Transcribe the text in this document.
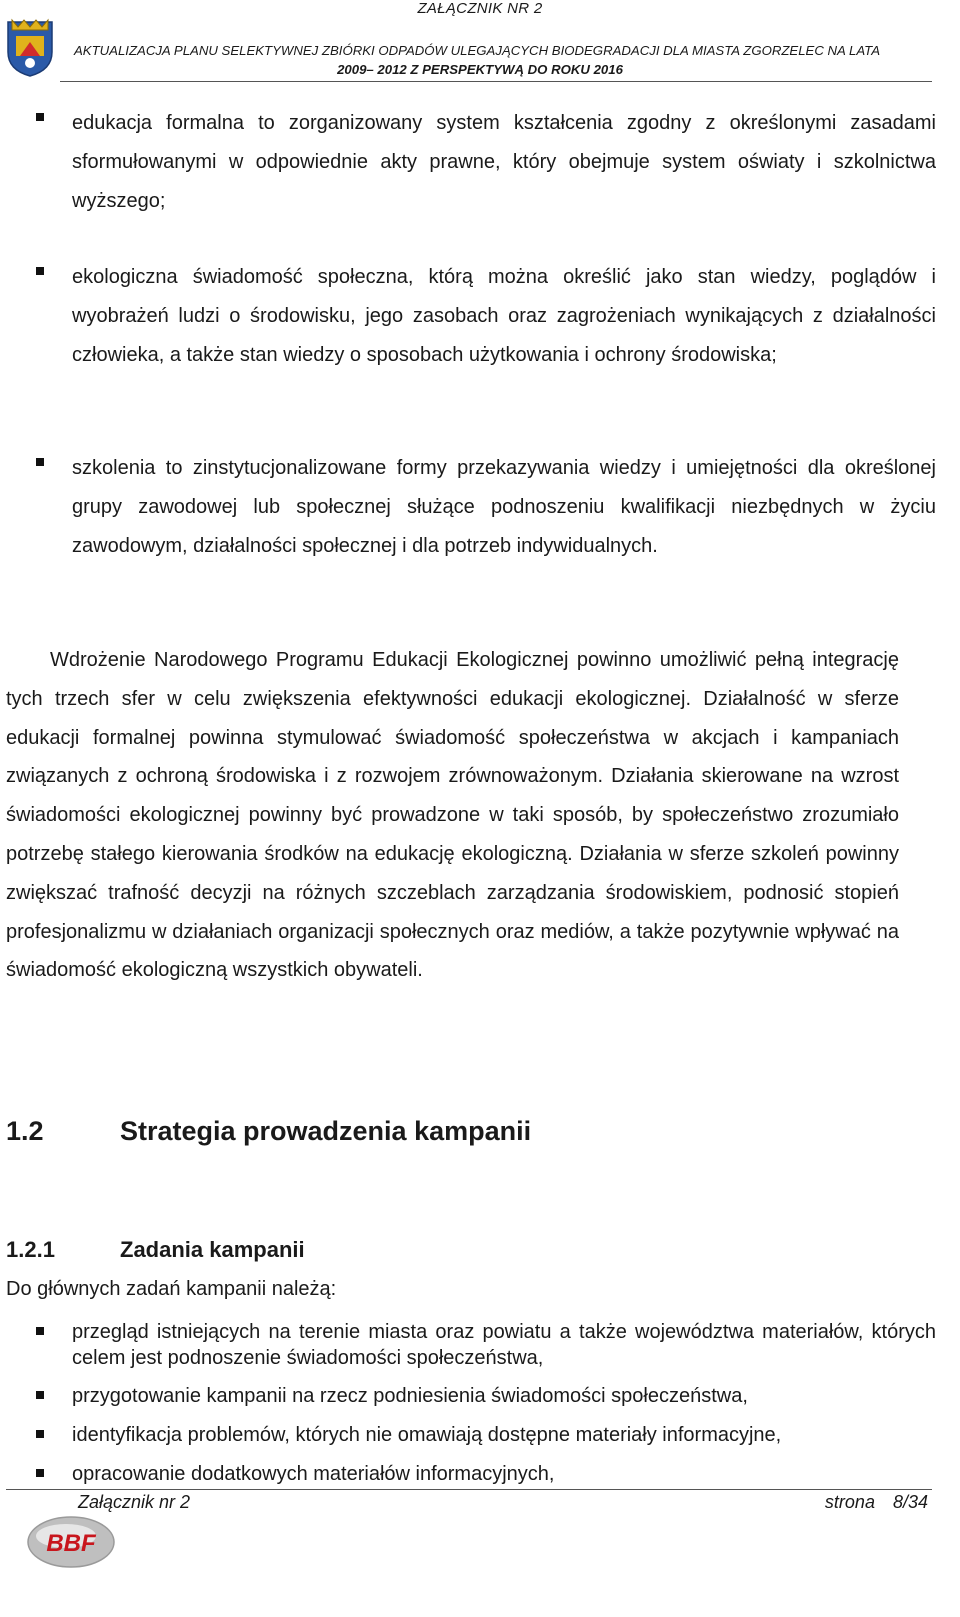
ZAŁĄCZNIK NR 2
AKTUALIZACJA PLANU SELEKTYWNEJ ZBIÓRKI ODPADÓW ULEGAJĄCYCH BIODEGRADACJI DLA MIASTA ZGORZELEC NA LATA
2009– 2012 Z PERSPEKTYWĄ DO ROKU 2016
edukacja formalna to zorganizowany system kształcenia zgodny z określonymi zasadami sformułowanymi w odpowiednie akty prawne, który obejmuje system oświaty i szkolnictwa wyższego;
ekologiczna świadomość społeczna, którą można określić jako stan wiedzy, poglądów i wyobrażeń ludzi o środowisku, jego zasobach oraz zagrożeniach wynikających z działalności człowieka, a także stan wiedzy o sposobach użytkowania i ochrony środowiska;
szkolenia to zinstytucjonalizowane formy przekazywania wiedzy i umiejętności dla określonej grupy zawodowej lub społecznej służące podnoszeniu kwalifikacji niezbędnych w życiu zawodowym, działalności społecznej i dla potrzeb indywidualnych.

Wdrożenie Narodowego Programu Edukacji Ekologicznej powinno umożliwić pełną integrację tych trzech sfer w celu zwiększenia efektywności edukacji ekologicznej. Działalność w sferze edukacji formalnej powinna stymulować świadomość społeczeństwa w akcjach i kampaniach związanych z ochroną środowiska i z rozwojem zrównoważonym. Działania skierowane na wzrost świadomości ekologicznej powinny być prowadzone w taki sposób, by społeczeństwo zrozumiało potrzebę stałego kierowania środków na edukację ekologiczną. Działania w sferze szkoleń powinny zwiększać trafność decyzji na różnych szczeblach zarządzania środowiskiem, podnosić stopień profesjonalizmu w działaniach organizacji społecznych oraz mediów, a także pozytywnie wpływać na świadomość ekologiczną wszystkich obywateli.

1.2	Strategia prowadzenia kampanii
1.2.1	Zadania kampanii
Do głównych zadań kampanii należą:
przegląd istniejących na terenie miasta oraz powiatu a także województwa materiałów, których celem jest podnoszenie świadomości społeczeństwa,
przygotowanie kampanii na rzecz podniesienia świadomości społeczeństwa,
identyfikacja problemów, których nie omawiają dostępne materiały informacyjne,
opracowanie dodatkowych materiałów informacyjnych,
Załącznik nr 2	strona 8/34
BBF
